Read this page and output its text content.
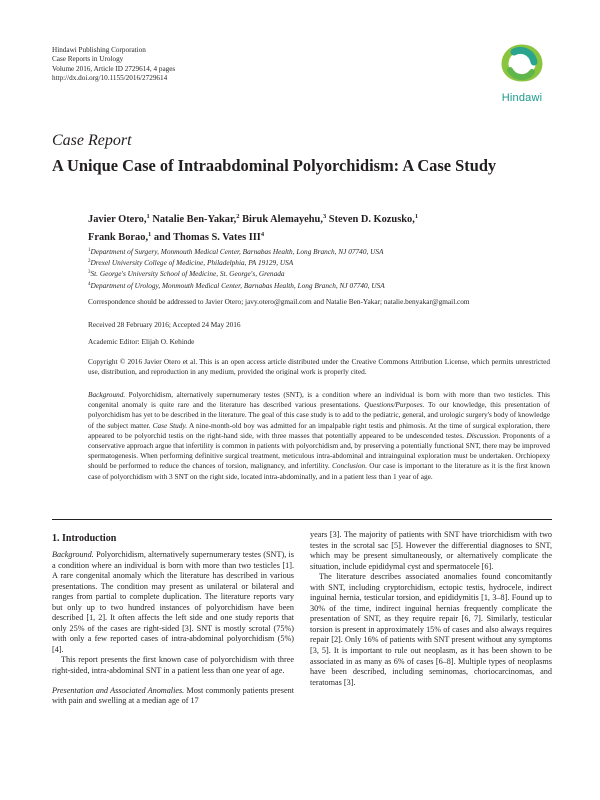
Hindawi Publishing Corporation
Case Reports in Urology
Volume 2016, Article ID 2729614, 4 pages
http://dx.doi.org/10.1155/2016/2729614
Hindawi
Case Report
A Unique Case of Intraabdominal Polyorchidism: A Case Study
Javier Otero,$^1$ Natalie Ben-Yakar,$^2$ Biruk Alemayehu,$^3$ Steven D. Kozusko,$^1$
Frank Borao,$^1$ and Thomas S. Vates III$^4$
$^1$Department of Surgery, Monmouth Medical Center, Barnabas Health, Long Branch, NJ 07740, USA
$^2$Drexel University College of Medicine, Philadelphia, PA 19129, USA
$^3$St. George's University School of Medicine, St. George's, Grenada
$^4$Department of Urology, Monmouth Medical Center, Barnabas Health, Long Branch, NJ 07740, USA
Correspondence should be addressed to Javier Otero; javy.otero@gmail.com and Natalie Ben-Yakar; natalie.benyakar@gmail.com
Received 28 February 2016; Accepted 24 May 2016
Academic Editor: Elijah O. Kehinde
Copyright © 2016 Javier Otero et al. This is an open access article distributed under the Creative Commons Attribution License, which permits unrestricted use, distribution, and reproduction in any medium, provided the original work is properly cited.
Background. Polyorchidism, alternatively supernumerary testes (SNT), is a condition where an individual is born with more than two testicles. This congenital anomaly is quite rare and the literature has described various presentations. Questions/Purposes. To our knowledge, this presentation of polyorchidism has yet to be described in the literature. The goal of this case study is to add to the pediatric, general, and urologic surgery's body of knowledge of the subject matter. Case Study. A nine-month-old boy was admitted for an impalpable right testis and phimosis. At the time of surgical exploration, there appeared to be polyorchid testis on the right-hand side, with three masses that potentially appeared to be undescended testes. Discussion. Proponents of a conservative approach argue that infertility is common in patients with polyorchidism and, by preserving a potentially functional SNT, there may be improved spermatogenesis. When performing definitive surgical treatment, meticulous intra-abdominal and intrainguinal exploration must be undertaken. Orchiopexy should be performed to reduce the chances of torsion, malignancy, and infertility. Conclusion. Our case is important to the literature as it is the first known case of polyorchidism with 3 SNT on the right side, located intra-abdominally, and in a patient less than 1 year of age.
1. Introduction

Background. Polyorchidism, alternatively supernumerary testes (SNT), is a condition where an individual is born with more than two testicles [1]. A rare congenital anomaly which the literature has described in various presentations. The condition may present as unilateral or bilateral and ranges from partial to complete duplication. The literature reports vary but only up to two hundred instances of polyorchidism have been described [1, 2]. It often affects the left side and one study reports that only 25% of the cases are right-sided [3]. SNT is mostly scrotal (75%) with only a few reported cases of intra-abdominal polyorchidism (5%) [4].

This report presents the first known case of polyorchidism with three right-sided, intra-abdominal SNT in a patient less than one year of age.

Presentation and Associated Anomalies. Most commonly patients present with pain and swelling at a median age of 17

years [3]. The majority of patients with SNT have triorchidism with two testes in the scrotal sac [5]. However the differential diagnoses to SNT, which may be present simultaneously, or alternatively complicate the situation, include epididymal cyst and spermatocele [6].

The literature describes associated anomalies found concomitantly with SNT, including cryptorchidism, ectopic testis, hydrocele, indirect inguinal hernia, testicular torsion, and epididymitis [1, 3–8]. Found up to 30% of the time, indirect inguinal hernias frequently complicate the presentation of SNT, as they require repair [6, 7]. Similarly, testicular torsion is present in approximately 15% of cases and also always requires repair [2]. Only 16% of patients with SNT present without any symptoms [3, 5]. It is important to rule out neoplasm, as it has been shown to be associated in as many as 6% of cases [6–8]. Multiple types of neoplasms have been described, including seminomas, choriocarcinomas, and teratomas [3].
